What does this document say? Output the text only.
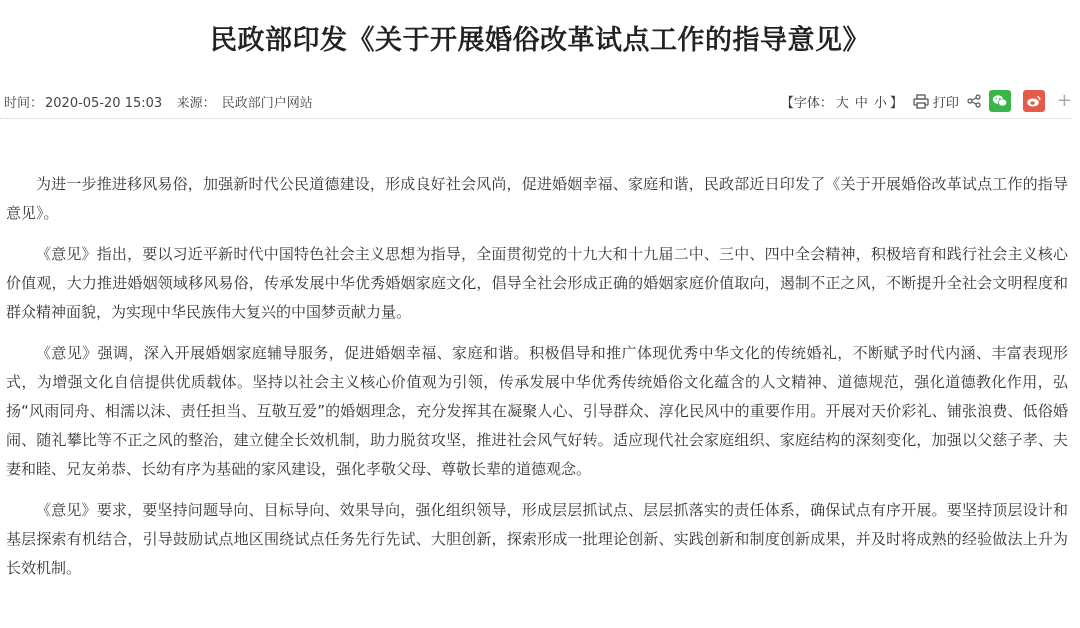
民政部印发《关于开展婚俗改革试点工作的指导意见》
时间： 2020-05-20 15:03 来源： 民政部门户网站	【字体： 大 中 小 】 打印	+

为进一步推进移风易俗，加强新时代公民道德建设，形成良好社会风尚，促进婚姻幸福、家庭和谐，民政部近日印发了《关于开展婚俗改革试点工作的指导意见》。

《意见》指出，要以习近平新时代中国特色社会主义思想为指导，全面贯彻党的十九大和十九届二中、三中、四中全会精神，积极培育和践行社会主义核心价值观，大力推进婚姻领域移风易俗，传承发展中华优秀婚姻家庭文化，倡导全社会形成正确的婚姻家庭价值取向，遏制不正之风，不断提升全社会文明程度和群众精神面貌，为实现中华民族伟大复兴的中国梦贡献力量。

《意见》强调，深入开展婚姻家庭辅导服务，促进婚姻幸福、家庭和谐。积极倡导和推广体现优秀中华文化的传统婚礼，不断赋予时代内涵、丰富表现形式，为增强文化自信提供优质载体。坚持以社会主义核心价值观为引领，传承发展中华优秀传统婚俗文化蕴含的人文精神、道德规范，强化道德教化作用，弘扬“风雨同舟、相濡以沫、责任担当、互敬互爱”的婚姻理念，充分发挥其在凝聚人心、引导群众、淳化民风中的重要作用。开展对天价彩礼、铺张浪费、低俗婚闹、随礼攀比等不正之风的整治，建立健全长效机制，助力脱贫攻坚，推进社会风气好转。适应现代社会家庭组织、家庭结构的深刻变化，加强以父慈子孝、夫妻和睦、兄友弟恭、长幼有序为基础的家风建设，强化孝敬父母、尊敬长辈的道德观念。

《意见》要求，要坚持问题导向、目标导向、效果导向，强化组织领导，形成层层抓试点、层层抓落实的责任体系，确保试点有序开展。要坚持顶层设计和基层探索有机结合，引导鼓励试点地区围绕试点任务先行先试、大胆创新，探索形成一批理论创新、实践创新和制度创新成果，并及时将成熟的经验做法上升为长效机制。
